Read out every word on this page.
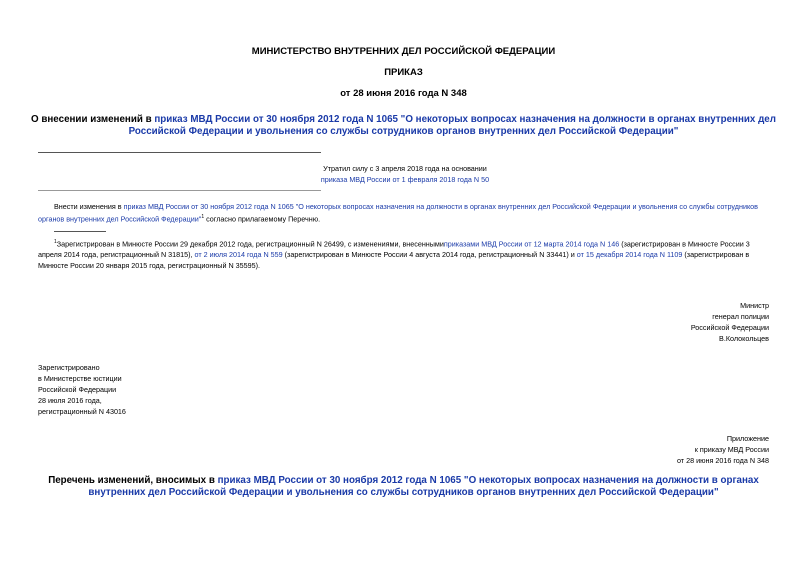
МИНИСТЕРСТВО ВНУТРЕННИХ ДЕЛ РОССИЙСКОЙ ФЕДЕРАЦИИ
ПРИКАЗ
от 28 июня 2016 года N 348
О внесении изменений в приказ МВД России от 30 ноября 2012 года N 1065 "О некоторых вопросах назначения на должности в органах внутренних дел Российской Федерации и увольнения со службы сотрудников органов внутренних дел Российской Федерации"
Утратил силу с 3 апреля 2018 года на основании
приказа МВД России от 1 февраля 2018 года N 50
Внести изменения в приказ МВД России от 30 ноября 2012 года N 1065 "О некоторых вопросах назначения на должности в органах внутренних дел Российской Федерации и увольнения со службы сотрудников органов внутренних дел Российской Федерации"$^1$ согласно прилагаемому Перечню.
$^1$Зарегистрирован в Минюсте России 29 декабря 2012 года, регистрационный N 26499, с изменениями, внесеннымиприказами МВД России от 12 марта 2014 года N 146 (зарегистрирован в Минюсте России 3 апреля 2014 года, регистрационный N 31815), от 2 июля 2014 года N 559 (зарегистрирован в Минюсте России 4 августа 2014 года, регистрационный N 33441) и от 15 декабря 2014 года N 1109 (зарегистрирован в Минюсте России 20 января 2015 года, регистрационный N 35595).
Министр
генерал полиции
Российской Федерации
В.Колокольцев
Зарегистрировано
в Министерстве юстиции
Российской Федерации
28 июля 2016 года,
регистрационный N 43016
Приложение
к приказу МВД России
от 28 июня 2016 года N 348
Перечень изменений, вносимых в приказ МВД России от 30 ноября 2012 года N 1065 "О некоторых вопросах назначения на должности в органах внутренних дел Российской Федерации и увольнения со службы сотрудников органов внутренних дел Российской Федерации"
